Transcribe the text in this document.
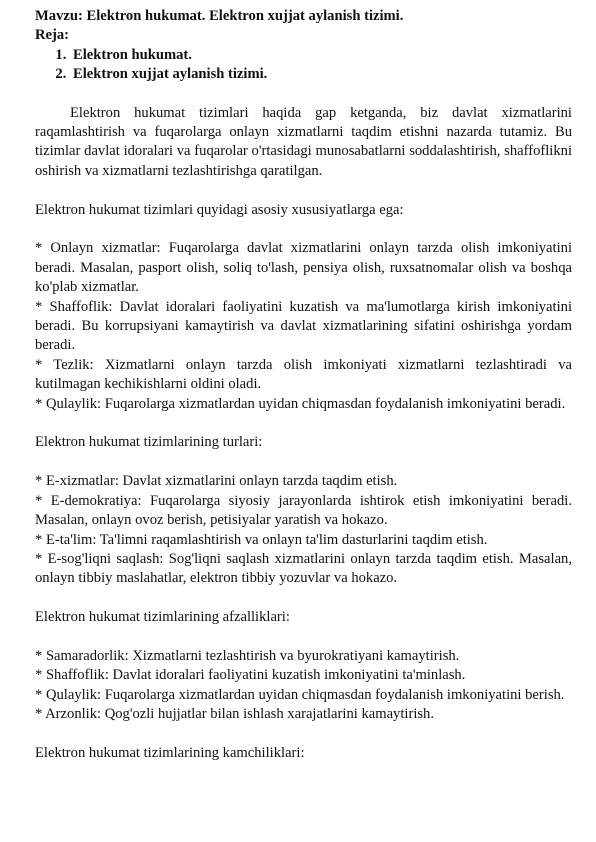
Mavzu: Elektron hukumat. Elektron xujjat aylanish tizimi.
Reja:
1. Elektron hukumat.
2. Elektron xujjat aylanish tizimi.

Elektron hukumat tizimlari haqida gap ketganda, biz davlat xizmatlarini raqamlashtirish va fuqarolarga onlayn xizmatlarni taqdim etishni nazarda tutamiz. Bu tizimlar davlat idoralari va fuqarolar o'rtasidagi munosabatlarni soddalashtirish, shaffoflikni oshirish va xizmatlarni tezlashtirishga qaratilgan.

Elektron hukumat tizimlari quyidagi asosiy xususiyatlarga ega:

* Onlayn xizmatlar: Fuqarolarga davlat xizmatlarini onlayn tarzda olish imkoniyatini beradi. Masalan, pasport olish, soliq to'lash, pensiya olish, ruxsatnomalar olish va boshqa ko'plab xizmatlar.

* Shaffoflik: Davlat idoralari faoliyatini kuzatish va ma'lumotlarga kirish imkoniyatini beradi. Bu korrupsiyani kamaytirish va davlat xizmatlarining sifatini oshirishga yordam beradi.

* Tezlik: Xizmatlarni onlayn tarzda olish imkoniyati xizmatlarni tezlashtiradi va kutilmagan kechikishlarni oldini oladi.

* Qulaylik: Fuqarolarga xizmatlardan uyidan chiqmasdan foydalanish imkoniyatini beradi.

Elektron hukumat tizimlarining turlari:

* E-xizmatlar: Davlat xizmatlarini onlayn tarzda taqdim etish.

* E-demokratiya: Fuqarolarga siyosiy jarayonlarda ishtirok etish imkoniyatini beradi. Masalan, onlayn ovoz berish, petisiyalar yaratish va hokazo.

* E-ta'lim: Ta'limni raqamlashtirish va onlayn ta'lim dasturlarini taqdim etish.

* E-sog'liqni saqlash: Sog'liqni saqlash xizmatlarini onlayn tarzda taqdim etish. Masalan, onlayn tibbiy maslahatlar, elektron tibbiy yozuvlar va hokazo.

Elektron hukumat tizimlarining afzalliklari:

* Samaradorlik: Xizmatlarni tezlashtirish va byurokratiyani kamaytirish.

* Shaffoflik: Davlat idoralari faoliyatini kuzatish imkoniyatini ta'minlash.

* Qulaylik: Fuqarolarga xizmatlardan uyidan chiqmasdan foydalanish imkoniyatini berish.

* Arzonlik: Qog'ozli hujjatlar bilan ishlash xarajatlarini kamaytirish.

Elektron hukumat tizimlarining kamchiliklari:
